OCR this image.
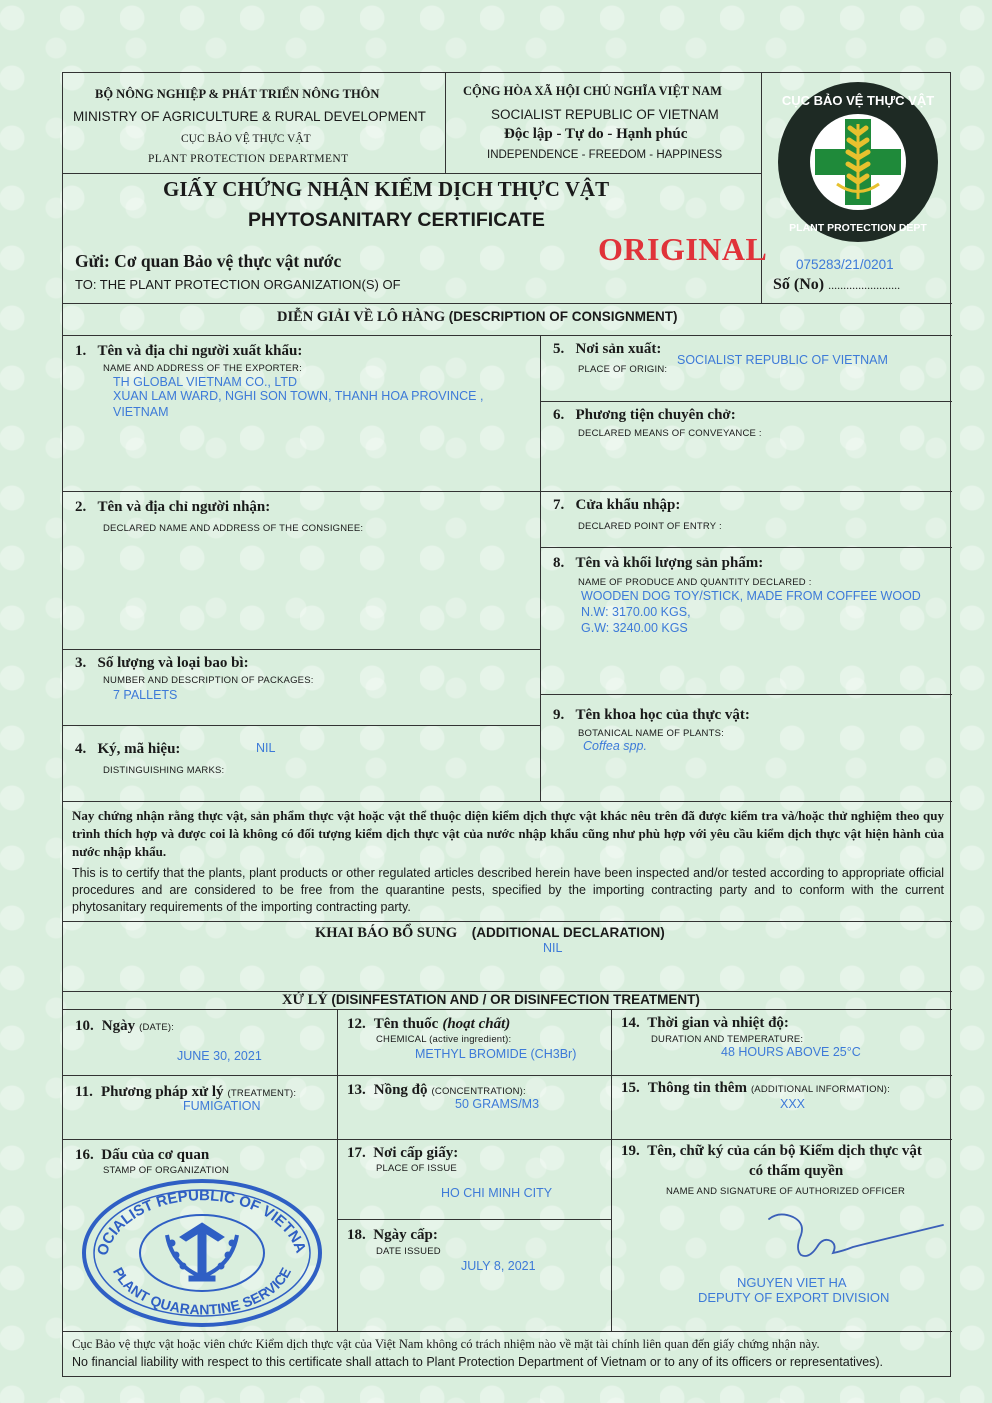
BỘ NÔNG NGHIỆP & PHÁT TRIỂN NÔNG THÔN
MINISTRY OF AGRICULTURE & RURAL DEVELOPMENT
CỤC BẢO VỆ THỰC VẬT
PLANT PROTECTION DEPARTMENT
CỘNG HÒA XÃ HỘI CHỦ NGHĨA VIỆT NAM
SOCIALIST REPUBLIC OF VIETNAM
Độc lập - Tự do - Hạnh phúc
INDEPENDENCE - FREEDOM - HAPPINESS
CỤC BẢO VỆ THỰC VẬT
PLANT PROTECTION DEPT
GIẤY CHỨNG NHẬN KIỂM DỊCH THỰC VẬT
PHYTOSANITARY CERTIFICATE
ORIGINAL
Gửi: Cơ quan Bảo vệ thực vật nước
TO: THE PLANT PROTECTION ORGANIZATION(S) OF
075283/21/0201
Số (No) ........................
DIỄN GIẢI VỀ LÔ HÀNG (DESCRIPTION OF CONSIGNMENT)
1. Tên và địa chỉ người xuất khẩu:
NAME AND ADDRESS OF THE EXPORTER:
TH GLOBAL VIETNAM CO., LTD
XUAN LAM WARD, NGHI SON TOWN, THANH HOA PROVINCE ,
VIETNAM
2. Tên và địa chỉ người nhận:
DECLARED NAME AND ADDRESS OF THE CONSIGNEE:
3. Số lượng và loại bao bì:
NUMBER AND DESCRIPTION OF PACKAGES:
7 PALLETS
4. Ký, mã hiệu:	NIL
DISTINGUISHING MARKS:
5. Nơi sản xuất:
SOCIALIST REPUBLIC OF VIETNAM
PLACE OF ORIGIN:
6. Phương tiện chuyên chở:
DECLARED MEANS OF CONVEYANCE :
7. Cửa khẩu nhập:
DECLARED POINT OF ENTRY :
8. Tên và khối lượng sản phẩm:
NAME OF PRODUCE AND QUANTITY DECLARED :
WOODEN DOG TOY/STICK, MADE FROM COFFEE WOOD
N.W: 3170.00 KGS,
G.W: 3240.00 KGS
9. Tên khoa học của thực vật:
BOTANICAL NAME OF PLANTS:
Coffea spp.
Nay chứng nhận rằng thực vật, sản phẩm thực vật hoặc vật thể thuộc diện kiểm dịch thực vật khác nêu trên đã được kiểm tra và/hoặc thử nghiệm theo quy trình thích hợp và được coi là không có đối tượng kiểm dịch thực vật của nước nhập khẩu cũng như phù hợp với yêu cầu kiểm dịch thực vật hiện hành của nước nhập khẩu.
This is to certify that the plants, plant products or other regulated articles described herein have been inspected and/or tested according to appropriate official procedures and are considered to be free from the quarantine pests, specified by the importing contracting party and to conform with the current phytosanitary requirements of the importing contracting party.
KHAI BÁO BỔ SUNG (ADDITIONAL DECLARATION)
NIL
XỬ LÝ (DISINFESTATION AND / OR DISINFECTION TREATMENT)
10. Ngày (DATE):
JUNE 30, 2021
11. Phương pháp xử lý (TREATMENT):
FUMIGATION
12. Tên thuốc (hoạt chất)
CHEMICAL (active ingredient):
METHYL BROMIDE (CH3Br)
13. Nồng độ (CONCENTRATION):
50 GRAMS/M3
14. Thời gian và nhiệt độ:
DURATION AND TEMPERATURE:
48 HOURS ABOVE 25°C
15. Thông tin thêm (ADDITIONAL INFORMATION):
XXX
16. Dấu của cơ quan
STAMP OF ORGANIZATION
OCIALIST REPUBLIC OF VIETNA
PLANT QUARANTINE SERVICE
17. Nơi cấp giấy:
PLACE OF ISSUE
HO CHI MINH CITY
18. Ngày cấp:
DATE ISSUED
JULY 8, 2021
19. Tên, chữ ký của cán bộ Kiểm dịch thực vật
có thẩm quyền
NAME AND SIGNATURE OF AUTHORIZED OFFICER
NGUYEN VIET HA
DEPUTY OF EXPORT DIVISION
Cục Bảo vệ thực vật hoặc viên chức Kiểm dịch thực vật của Việt Nam không có trách nhiệm nào về mặt tài chính liên quan đến giấy chứng nhận này.
No financial liability with respect to this certificate shall attach to Plant Protection Department of Vietnam or to any of its officers or representatives).
